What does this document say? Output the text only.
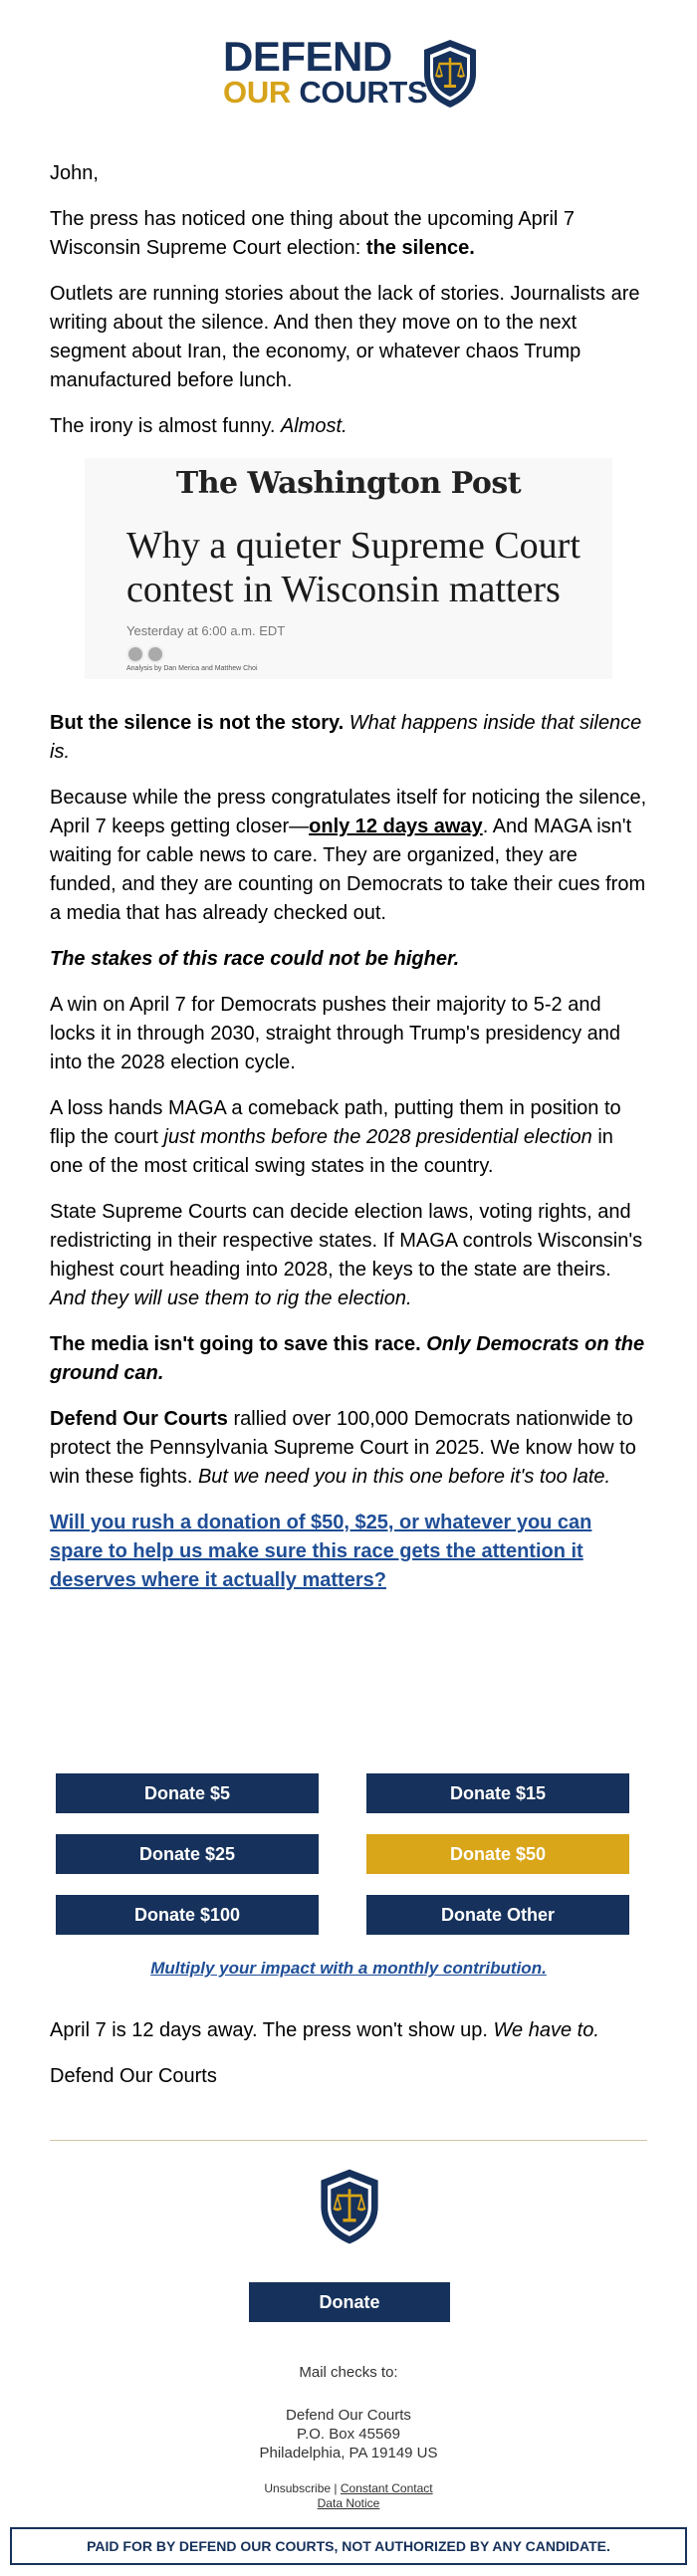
DEFEND
OUR COURTS

John,

The press has noticed one thing about the upcoming April 7 Wisconsin Supreme Court election: the silence.

Outlets are running stories about the lack of stories. Journalists are writing about the silence. And then they move on to the next segment about Iran, the economy, or whatever chaos Trump manufactured before lunch.

The irony is almost funny. Almost.

The Washington Post
Why a quieter Supreme Court contest in Wisconsin matters
Yesterday at 6:00 a.m. EDT
Analysis by Dan Merica and Matthew Choi

But the silence is not the story. What happens inside that silence is.

Because while the press congratulates itself for noticing the silence, April 7 keeps getting closer—only 12 days away. And MAGA isn't waiting for cable news to care. They are organized, they are funded, and they are counting on Democrats to take their cues from a media that has already checked out.

The stakes of this race could not be higher.

A win on April 7 for Democrats pushes their majority to 5-2 and locks it in through 2030, straight through Trump's presidency and into the 2028 election cycle.

A loss hands MAGA a comeback path, putting them in position to flip the court just months before the 2028 presidential election in one of the most critical swing states in the country.

State Supreme Courts can decide election laws, voting rights, and redistricting in their respective states. If MAGA controls Wisconsin's highest court heading into 2028, the keys to the state are theirs. And they will use them to rig the election.

The media isn't going to save this race. Only Democrats on the ground can.

Defend Our Courts rallied over 100,000 Democrats nationwide to protect the Pennsylvania Supreme Court in 2025. We know how to win these fights. But we need you in this one before it's too late.

Will you rush a donation of $50, $25, or whatever you can spare to help us make sure this race gets the attention it deserves where it actually matters?

Donate $5	Donate $15
Donate $25	Donate $50
Donate $100	Donate Other
Multiply your impact with a monthly contribution.

April 7 is 12 days away. The press won't show up. We have to.

Defend Our Courts

Donate
Mail checks to:
Defend Our Courts
P.O. Box 45569
Philadelphia, PA 19149 US
Unsubscribe | Constant Contact
Data Notice
PAID FOR BY DEFEND OUR COURTS, NOT AUTHORIZED BY ANY CANDIDATE.
